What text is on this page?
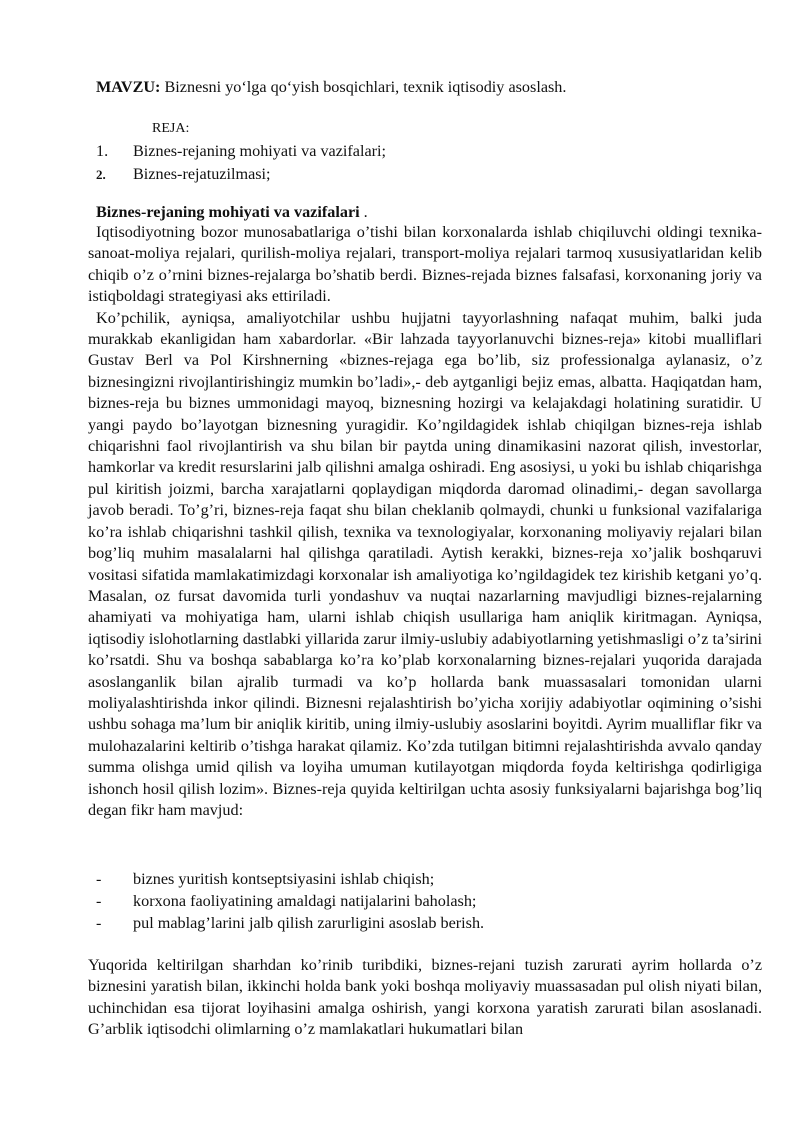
MAVZU: Biznesni yo‘lga qo‘yish bosqichlari, texnik iqtisodiy asoslash.
REJA:
1. Biznes-rejaning mohiyati va vazifalari;
2. Biznes-rejatuzilmasi;
Biznes-rejaning mohiyati va vazifalari .

Iqtisodiyotning bozor munosabatlariga o’tishi bilan korxonalarda ishlab chiqiluvchi oldingi texnika-sanoat-moliya rejalari, qurilish-moliya rejalari, transport-moliya rejalari tarmoq xususiyatlaridan kelib chiqib o’z o’rnini biznes-rejalarga bo’shatib berdi. Biznes-rejada biznes falsafasi, korxonaning joriy va istiqboldagi strategiyasi aks ettiriladi.

Ko’pchilik, ayniqsa, amaliyotchilar ushbu hujjatni tayyorlashning nafaqat muhim, balki juda murakkab ekanligidan ham xabardorlar. «Bir lahzada tayyorlanuvchi biznes-reja» kitobi mualliflari Gustav Berl va Pol Kirshnerning «biznes-rejaga ega bo’lib, siz professionalga aylanasiz, o’z biznesingizni rivojlantirishingiz mumkin bo’ladi»,- deb aytganligi bejiz emas, albatta. Haqiqatdan ham, biznes-reja bu biznes ummonidagi mayoq, biznesning hozirgi va kelajakdagi holatining suratidir. U yangi paydo bo’layotgan biznesning yuragidir. Ko’ngildagidek ishlab chiqilgan biznes-reja ishlab chiqarishni faol rivojlantirish va shu bilan bir paytda uning dinamikasini nazorat qilish, investorlar, hamkorlar va kredit resurslarini jalb qilishni amalga oshiradi. Eng asosiysi, u yoki bu ishlab chiqarishga pul kiritish joizmi, barcha xarajatlarni qoplaydigan miqdorda daromad olinadimi,- degan savollarga javob beradi. To’g’ri, biznes-reja faqat shu bilan cheklanib qolmaydi, chunki u funksional vazifalariga ko’ra ishlab chiqarishni tashkil qilish, texnika va texnologiyalar, korxonaning moliyaviy rejalari bilan bog’liq muhim masalalarni hal qilishga qaratiladi. Aytish kerakki, biznes-reja xo’jalik boshqaruvi vositasi sifatida mamlakatimizdagi korxonalar ish amaliyotiga ko’ngildagidek tez kirishib ketgani yo’q. Masalan, oz fursat davomida turli yondashuv va nuqtai nazarlarning mavjudligi biznes-rejalarning ahamiyati va mohiyatiga ham, ularni ishlab chiqish usullariga ham aniqlik kiritmagan. Ayniqsa, iqtisodiy islohotlarning dastlabki yillarida zarur ilmiy-uslubiy adabiyotlarning yetishmasligi o’z ta’sirini ko’rsatdi. Shu va boshqa sabablarga ko’ra ko’plab korxonalarning biznes-rejalari yuqorida darajada asoslanganlik bilan ajralib turmadi va ko’p hollarda bank muassasalari tomonidan ularni moliyalashtirishda inkor qilindi. Biznesni rejalashtirish bo’yicha xorijiy adabiyotlar oqimining o’sishi ushbu sohaga ma’lum bir aniqlik kiritib, uning ilmiy-uslubiy asoslarini boyitdi. Ayrim mualliflar fikr va mulohazalarini keltirib o’tishga harakat qilamiz. Ko’zda tutilgan bitimni rejalashtirishda avvalo qanday summa olishga umid qilish va loyiha umuman kutilayotgan miqdorda foyda keltirishga qodirligiga ishonch hosil qilish lozim». Biznes-reja quyida keltirilgan uchta asosiy funksiyalarni bajarishga bog’liq degan fikr ham mavjud:

- biznes yuritish kontseptsiyasini ishlab chiqish;
- korxona faoliyatining amaldagi natijalarini baholash;
- pul mablag’larini jalb qilish zarurligini asoslab berish.

Yuqorida keltirilgan sharhdan ko’rinib turibdiki, biznes-rejani tuzish zarurati ayrim hollarda o’z biznesini yaratish bilan, ikkinchi holda bank yoki boshqa moliyaviy muassasadan pul olish niyati bilan, uchinchidan esa tijorat loyihasini amalga oshirish, yangi korxona yaratish zarurati bilan asoslanadi. G’arblik iqtisodchi olimlarning o’z mamlakatlari hukumatlari bilan
